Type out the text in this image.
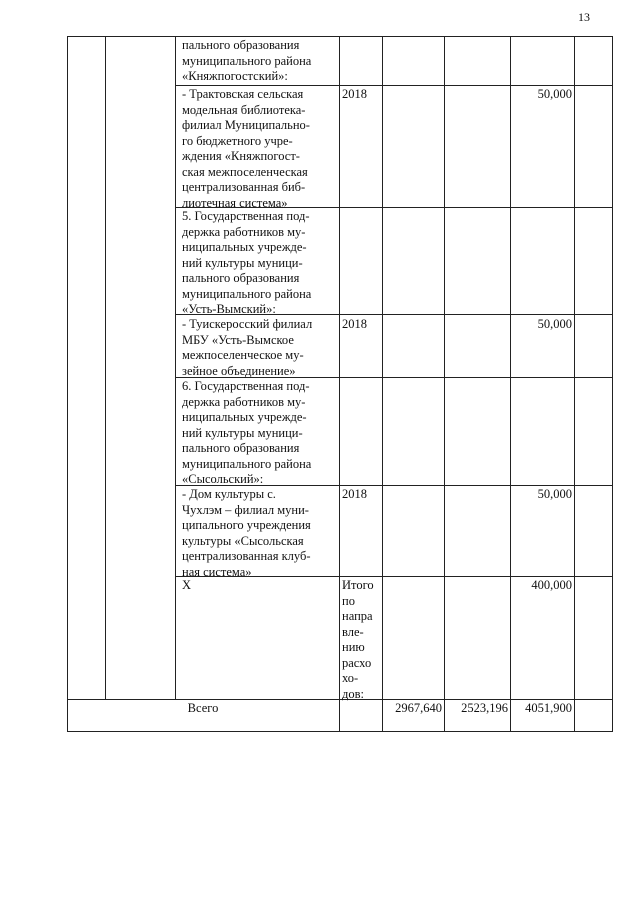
13
пального образования
муниципального района
«Княжпогостский»:
- Трактовская сельская
модельная библиотека-
филиал Муниципально-
го бюджетного учре-
ждения «Княжпогост-
ская межпоселенческая
централизованная биб-
лиотечная система»
2018	50,000
5. Государственная под-
держка работников му-
ниципальных учрежде-
ний культуры муници-
пального образования
муниципального района
«Усть-Вымский»:
- Туискеросский филиал
МБУ «Усть-Вымское
межпоселенческое му-
зейное объединение»
2018	50,000
6. Государственная под-
держка работников му-
ниципальных учрежде-
ний культуры муници-
пального образования
муниципального района
«Сысольский»:
- Дом культуры с.
Чухлэм – филиал муни-
ципального учреждения
культуры «Сысольская
централизованная клуб-
ная система»
2018	50,000
X	Итого
по
напра
вле-
нию
расхо
хо-
дов:
400,000
Всего	2967,640	2523,196	4051,900
